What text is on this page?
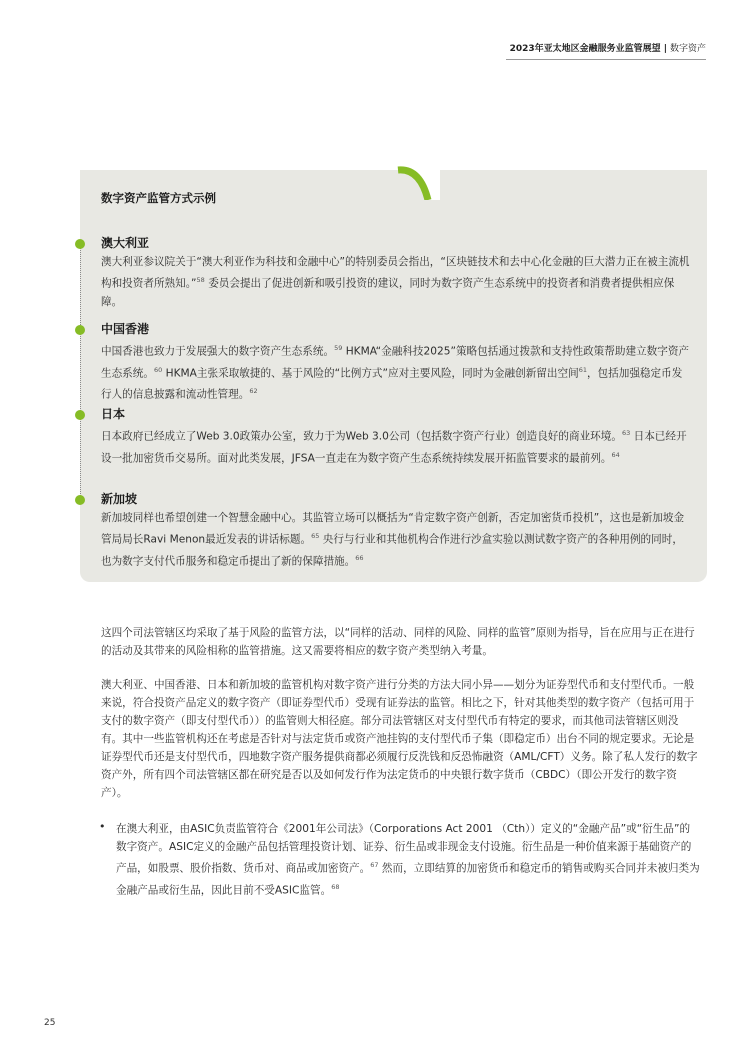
2023年亚太地区金融服务业监管展望 | 数字资产
数字资产监管方式示例
澳大利亚
澳大利亚参议院关于“澳大利亚作为科技和金融中心”的特别委员会指出，“区块链技术和去中心化金融的巨大潜力正在被主流机构和投资者所熟知。”$^{58}$ 委员会提出了促进创新和吸引投资的建议，同时为数字资产生态系统中的投资者和消费者提供相应保障。
中国香港
中国香港也致力于发展强大的数字资产生态系统。$^{59}$ HKMA“金融科技2025”策略包括通过拨款和支持性政策帮助建立数字资产生态系统。$^{60}$ HKMA主张采取敏捷的、基于风险的“比例方式”应对主要风险，同时为金融创新留出空间$^{61}$，包括加强稳定币发行人的信息披露和流动性管理。$^{62}$
日本
日本政府已经成立了Web 3.0政策办公室，致力于为Web 3.0公司（包括数字资产行业）创造良好的商业环境。$^{63}$ 日本已经开设一批加密货币交易所。面对此类发展，JFSA一直走在为数字资产生态系统持续发展开拓监管要求的最前列。$^{64}$
新加坡
新加坡同样也希望创建一个智慧金融中心。其监管立场可以概括为“肯定数字资产创新，否定加密货币投机”，这也是新加坡金管局局长Ravi Menon最近发表的讲话标题。$^{65}$ 央行与行业和其他机构合作进行沙盒实验以测试数字资产的各种用例的同时，也为数字支付代币服务和稳定币提出了新的保障措施。$^{66}$
这四个司法管辖区均采取了基于风险的监管方法，以“同样的活动、同样的风险、同样的监管”原则为指导，旨在应用与正在进行的活动及其带来的风险相称的监管措施。这又需要将相应的数字资产类型纳入考量。
澳大利亚、中国香港、日本和新加坡的监管机构对数字资产进行分类的方法大同小异——划分为证券型代币和支付型代币。一般来说，符合投资产品定义的数字资产（即证券型代币）受现有证券法的监管。相比之下，针对其他类型的数字资产（包括可用于支付的数字资产（即支付型代币））的监管则大相径庭。部分司法管辖区对支付型代币有特定的要求，而其他司法管辖区则没有。其中一些监管机构还在考虑是否针对与法定货币或资产池挂钩的支付型代币子集（即稳定币）出台不同的规定要求。无论是证券型代币还是支付型代币，四地数字资产服务提供商都必须履行反洗钱和反恐怖融资（AML/CFT）义务。除了私人发行的数字资产外，所有四个司法管辖区都在研究是否以及如何发行作为法定货币的中央银行数字货币（CBDC）（即公开发行的数字资产）。
• 在澳大利亚，由ASIC负责监管符合《2001年公司法》（Corporations Act 2001 （Cth））定义的“金融产品”或“衍生品”的数字资产。ASIC定义的金融产品包括管理投资计划、证券、衍生品或非现金支付设施。衍生品是一种价值来源于基础资产的产品，如股票、股价指数、货币对、商品或加密资产。$^{67}$ 然而，立即结算的加密货币和稳定币的销售或购买合同并未被归类为金融产品或衍生品，因此目前不受ASIC监管。$^{68}$
25
